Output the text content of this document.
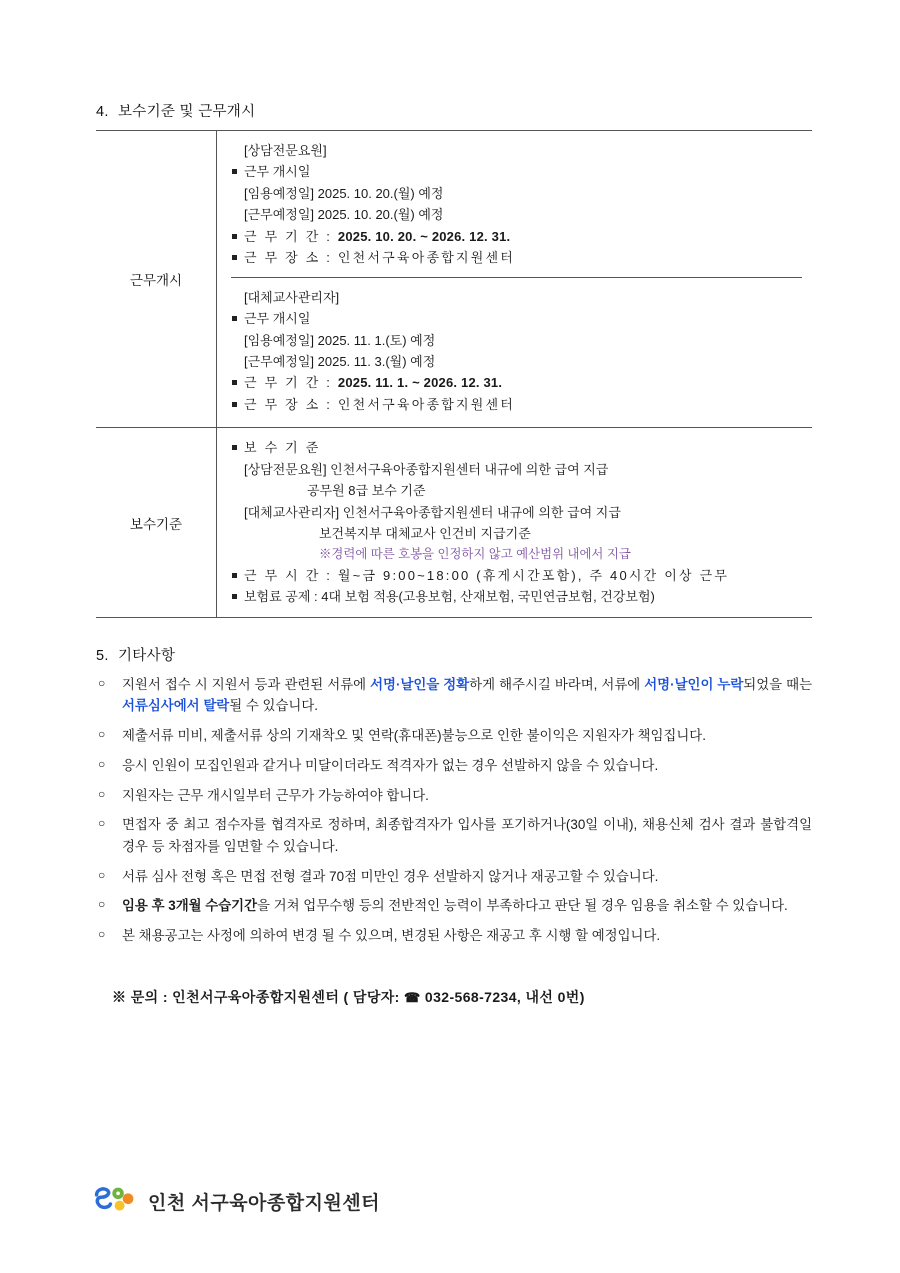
4. 보수기준 및 근무개시
근무개시	
[상담전문요원]
근무 개시일
[임용예정일] 2025. 10. 20.(월) 예정
[근무예정일] 2025. 10. 20.(월) 예정
근 무 기 간 : 2025. 10. 20. ~ 2026. 12. 31.
근 무 장 소 : 인천서구육아종합지원센터
[대체교사관리자]
근무 개시일
[임용예정일] 2025. 11. 1.(토) 예정
[근무예정일] 2025. 11. 3.(월) 예정
근 무 기 간 : 2025. 11. 1. ~ 2026. 12. 31.
근 무 장 소 : 인천서구육아종합지원센터

보수기준	
보 수 기 준
[상담전문요원] 인천서구육아종합지원센터 내규에 의한 급여 지급
공무원 8급 보수 기준
[대체교사관리자] 인천서구육아종합지원센터 내규에 의한 급여 지급
보건복지부 대체교사 인건비 지급기준
※경력에 따른 호봉을 인정하지 않고 예산범위 내에서 지급
근 무 시 간 : 월~금 9:00~18:00 (휴게시간포함), 주 40시간 이상 근무
보험료 공제 : 4대 보험 적용(고용보험, 산재보험, 국민연금보험, 건강보험)
5. 기타사항
○ 지원서 접수 시 지원서 등과 관련된 서류에 서명·날인을 정확하게 해주시길 바라며, 서류에 서명·날인이 누락되었을 때는 서류심사에서 탈락될 수 있습니다.
○ 제출서류 미비, 제출서류 상의 기재착오 및 연락(휴대폰)불능으로 인한 불이익은 지원자가 책임집니다.
○ 응시 인원이 모집인원과 같거나 미달이더라도 적격자가 없는 경우 선발하지 않을 수 있습니다.
○ 지원자는 근무 개시일부터 근무가 가능하여야 합니다.
○ 면접자 중 최고 점수자를 협격자로 정하며, 최종합격자가 입사를 포기하거나(30일 이내), 채용신체 검사 결과 불합격일 경우 등 차점자를 임면할 수 있습니다.
○ 서류 심사 전형 혹은 면접 전형 결과 70점 미만인 경우 선발하지 않거나 재공고할 수 있습니다.
○ 임용 후 3개월 수습기간을 거쳐 업무수행 등의 전반적인 능력이 부족하다고 판단 될 경우 임용을 취소할 수 있습니다.
○ 본 채용공고는 사정에 의하여 변경 될 수 있으며, 변경된 사항은 재공고 후 시행 할 예정입니다.
※ 문의 : 인천서구육아종합지원센터 ( 담당자: ☎ 032-568-7234, 내선 0번)
인천 서구육아종합지원센터
